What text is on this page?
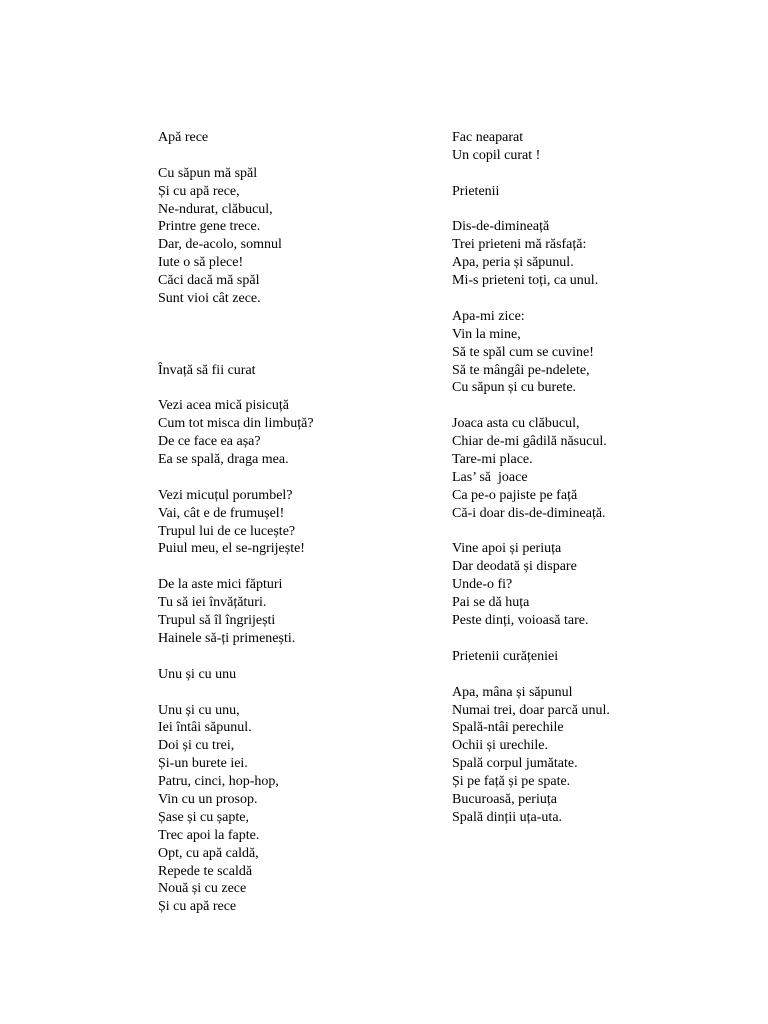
Apă rece
Cu săpun mă spăl
Și cu apă rece,
Ne-ndurat, clăbucul,
Printre gene trece.
Dar, de-acolo, somnul
Iute o să plece!
Căci dacă mă spăl
Sunt vioi cât zece.
Învață să fii curat
Vezi acea mică pisicuță
Cum tot misca din limbuță?
De ce face ea așa?
Ea se spală, draga mea.
Vezi micuțul porumbel?
Vai, cât e de frumușel!
Trupul lui de ce lucește?
Puiul meu, el se-ngrijește!
De la aste mici făpturi
Tu să iei învățături.
Trupul să îl îngrijești
Hainele să-ți primenești.
Unu și cu unu
Unu și cu unu,
Iei întâi săpunul.
Doi și cu trei,
Și-un burete iei.
Patru, cinci, hop-hop,
Vin cu un prosop.
Șase și cu șapte,
Trec apoi la fapte.
Opt, cu apă caldă,
Repede te scaldă
Nouă și cu zece
Și cu apă rece
Fac neaparat
Un copil curat !
Prietenii
Dis-de-dimineață
Trei prieteni mă răsfață:
Apa, peria și săpunul.
Mi-s prieteni toți, ca unul.
Apa-mi zice:
Vin la mine,
Să te spăl cum se cuvine!
Să te mângâi pe-ndelete,
Cu săpun și cu burete.
Joaca asta cu clăbucul,
Chiar de-mi gâdilă năsucul.
Tare-mi place.
Las’ să  joace
Ca pe-o pajiste pe față
Că-i doar dis-de-dimineață.
Vine apoi și periuța
Dar deodată și dispare
Unde-o fi?
Pai se dă huța
Peste dinți, voioasă tare.
Prietenii curățeniei
Apa, mâna și săpunul
Numai trei, doar parcă unul.
Spală-ntâi perechile
Ochii și urechile.
Spală corpul jumătate.
Și pe față și pe spate.
Bucuroasă, periuța
Spală dinții uța-uta.
